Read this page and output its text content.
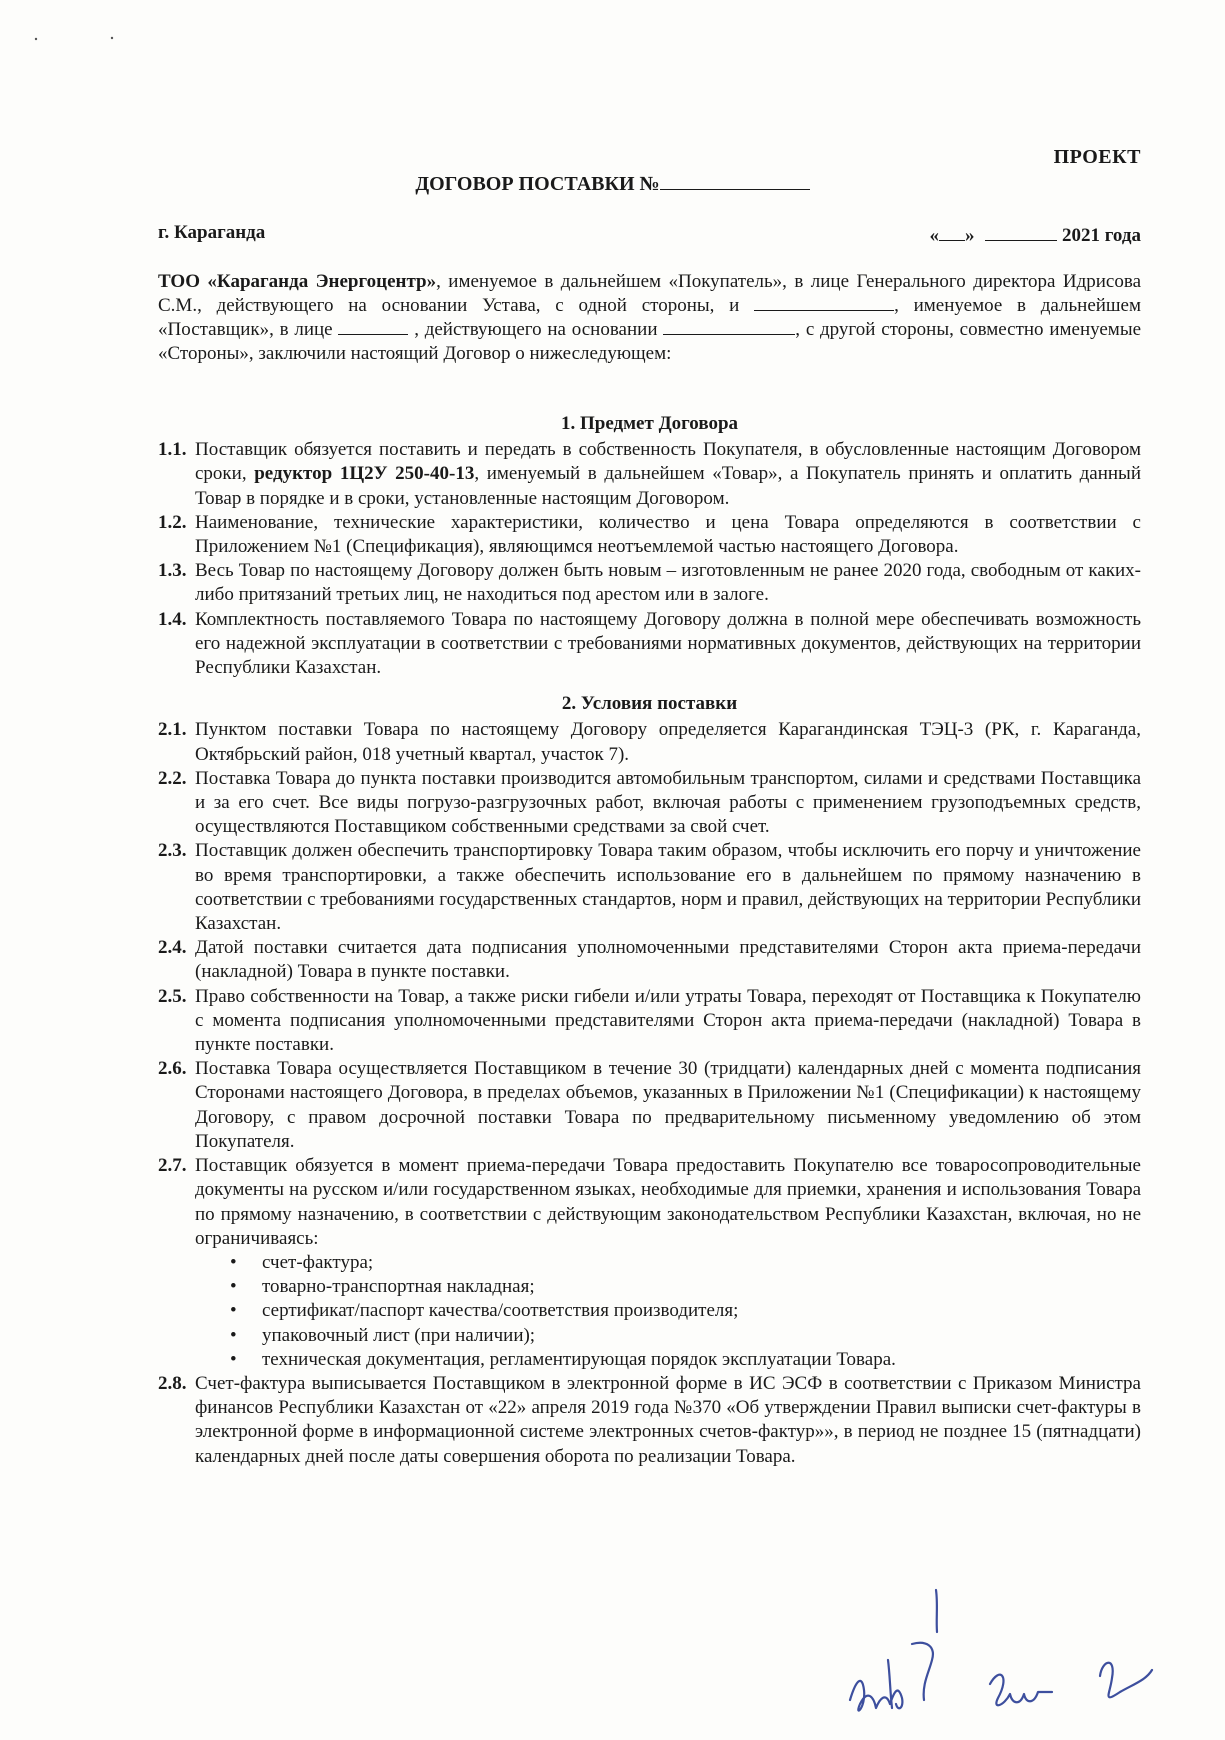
ПРОЕКТ
ДОГОВОР ПОСТАВКИ №
г. Караганда	« »	2021 года

ТОО «Караганда Энергоцентр», именуемое в дальнейшем «Покупатель», в лице Генерального директора Идрисова С.М., действующего на основании Устава, с одной стороны, и	, именуемое в дальнейшем «Поставщик», в лице	, действующего на основании	, с другой стороны, совместно именуемые «Стороны», заключили настоящий Договор о нижеследующем:

1. Предмет Договора

1.1. Поставщик обязуется поставить и передать в собственность Покупателя, в обусловленные настоящим Договором сроки, редуктор 1Ц2У 250-40-13, именуемый в дальнейшем «Товар», а Покупатель принять и оплатить данный Товар в порядке и в сроки, установленные настоящим Договором.

1.2. Наименование, технические характеристики, количество и цена Товара определяются в соответствии с Приложением №1 (Спецификация), являющимся неотъемлемой частью настоящего Договора.

1.3. Весь Товар по настоящему Договору должен быть новым – изготовленным не ранее 2020 года, свободным от каких-либо притязаний третьих лиц, не находиться под арестом или в залоге.

1.4. Комплектность поставляемого Товара по настоящему Договору должна в полной мере обеспечивать возможность его надежной эксплуатации в соответствии с требованиями нормативных документов, действующих на территории Республики Казахстан.

2. Условия поставки

2.1. Пунктом поставки Товара по настоящему Договору определяется Карагандинская ТЭЦ-3 (РК, г. Караганда, Октябрьский район, 018 учетный квартал, участок 7).

2.2. Поставка Товара до пункта поставки производится автомобильным транспортом, силами и средствами Поставщика и за его счет. Все виды погрузо-разгрузочных работ, включая работы с применением грузоподъемных средств, осуществляются Поставщиком собственными средствами за свой счет.

2.3. Поставщик должен обеспечить транспортировку Товара таким образом, чтобы исключить его порчу и уничтожение во время транспортировки, а также обеспечить использование его в дальнейшем по прямому назначению в соответствии с требованиями государственных стандартов, норм и правил, действующих на территории Республики Казахстан.

2.4. Датой поставки считается дата подписания уполномоченными представителями Сторон акта приема-передачи (накладной) Товара в пункте поставки.

2.5. Право собственности на Товар, а также риски гибели и/или утраты Товара, переходят от Поставщика к Покупателю с момента подписания уполномоченными представителями Сторон акта приема-передачи (накладной) Товара в пункте поставки.

2.6. Поставка Товара осуществляется Поставщиком в течение 30 (тридцати) календарных дней с момента подписания Сторонами настоящего Договора, в пределах объемов, указанных в Приложении №1 (Спецификации) к настоящему Договору, с правом досрочной поставки Товара по предварительному письменному уведомлению об этом Покупателя.

2.7. Поставщик обязуется в момент приема-передачи Товара предоставить Покупателю все товаросопроводительные документы на русском и/или государственном языках, необходимые для приемки, хранения и использования Товара по прямому назначению, в соответствии с действующим законодательством Республики Казахстан, включая, но не ограничиваясь:

• счет-фактура;
• товарно-транспортная накладная;
• сертификат/паспорт качества/соответствия производителя;
• упаковочный лист (при наличии);
• техническая документация, регламентирующая порядок эксплуатации Товара.

2.8. Счет-фактура выписывается Поставщиком в электронной форме в ИС ЭСФ в соответствии с Приказом Министра финансов Республики Казахстан от «22» апреля 2019 года №370 «Об утверждении Правил выписки счет-фактуры в электронной форме в информационной системе электронных счетов-фактур»», в период не позднее 15 (пятнадцати) календарных дней после даты совершения оборота по реализации Товара.
